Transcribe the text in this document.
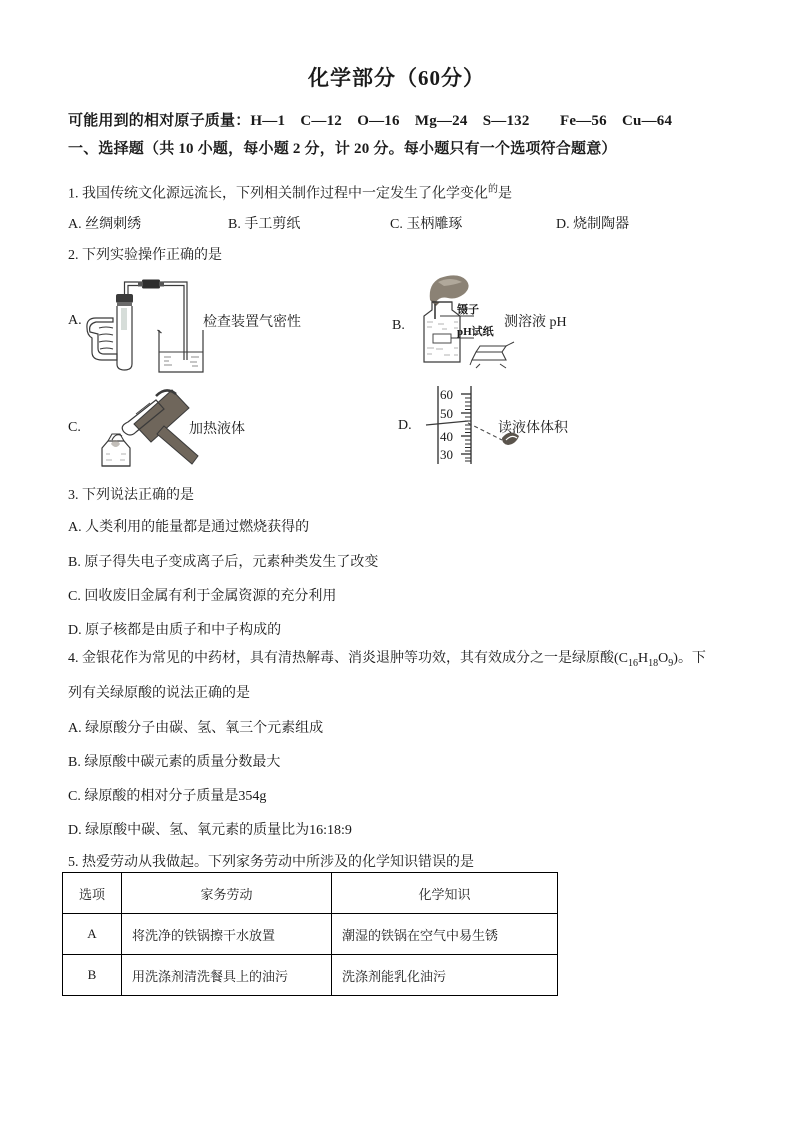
化学部分（60分）
可能用到的相对原子质量：H—1　C—12　O—16　Mg—24　S—132　　Fe—56　Cu—64
一、选择题（共 10 小题，每小题 2 分，计 20 分。每小题只有一个选项符合题意）
1. 我国传统文化源远流长，下列相关制作过程中一定发生了化学变化$^的$是
A. 丝绸刺绣	B. 手工剪纸	C. 玉柄雕琢	D. 烧制陶器
2. 下列实验操作正确的是
A.	检查装置气密性	B.
镊子
pH试纸
测溶液 pH
C.	加热液体	D.
60
50
40
30
读液体体积
3. 下列说法正确的是
A. 人类利用的能量都是通过燃烧获得的
B. 原子得失电子变成离子后，元素种类发生了改变
C. 回收废旧金属有利于金属资源的充分利用
D. 原子核都是由质子和中子构成的
4. 金银花作为常见的中药材，具有清热解毒、消炎退肿等功效，其有效成分之一是绿原酸$(C_{16}H_{18}O_9)$。下
列有关绿原酸的说法正确的是
A. 绿原酸分子由碳、氢、氧三个元素组成
B. 绿原酸中碳元素的质量分数最大
C. 绿原酸的相对分子质量是354g
D. 绿原酸中碳、氢、氧元素的质量比为16:18:9
5. 热爱劳动从我做起。下列家务劳动中所涉及的化学知识错误的是
选项	家务劳动	化学知识
A	将洗净的铁锅擦干水放置	潮湿的铁锅在空气中易生锈
B	用洗涤剂清洗餐具上的油污	洗涤剂能乳化油污
